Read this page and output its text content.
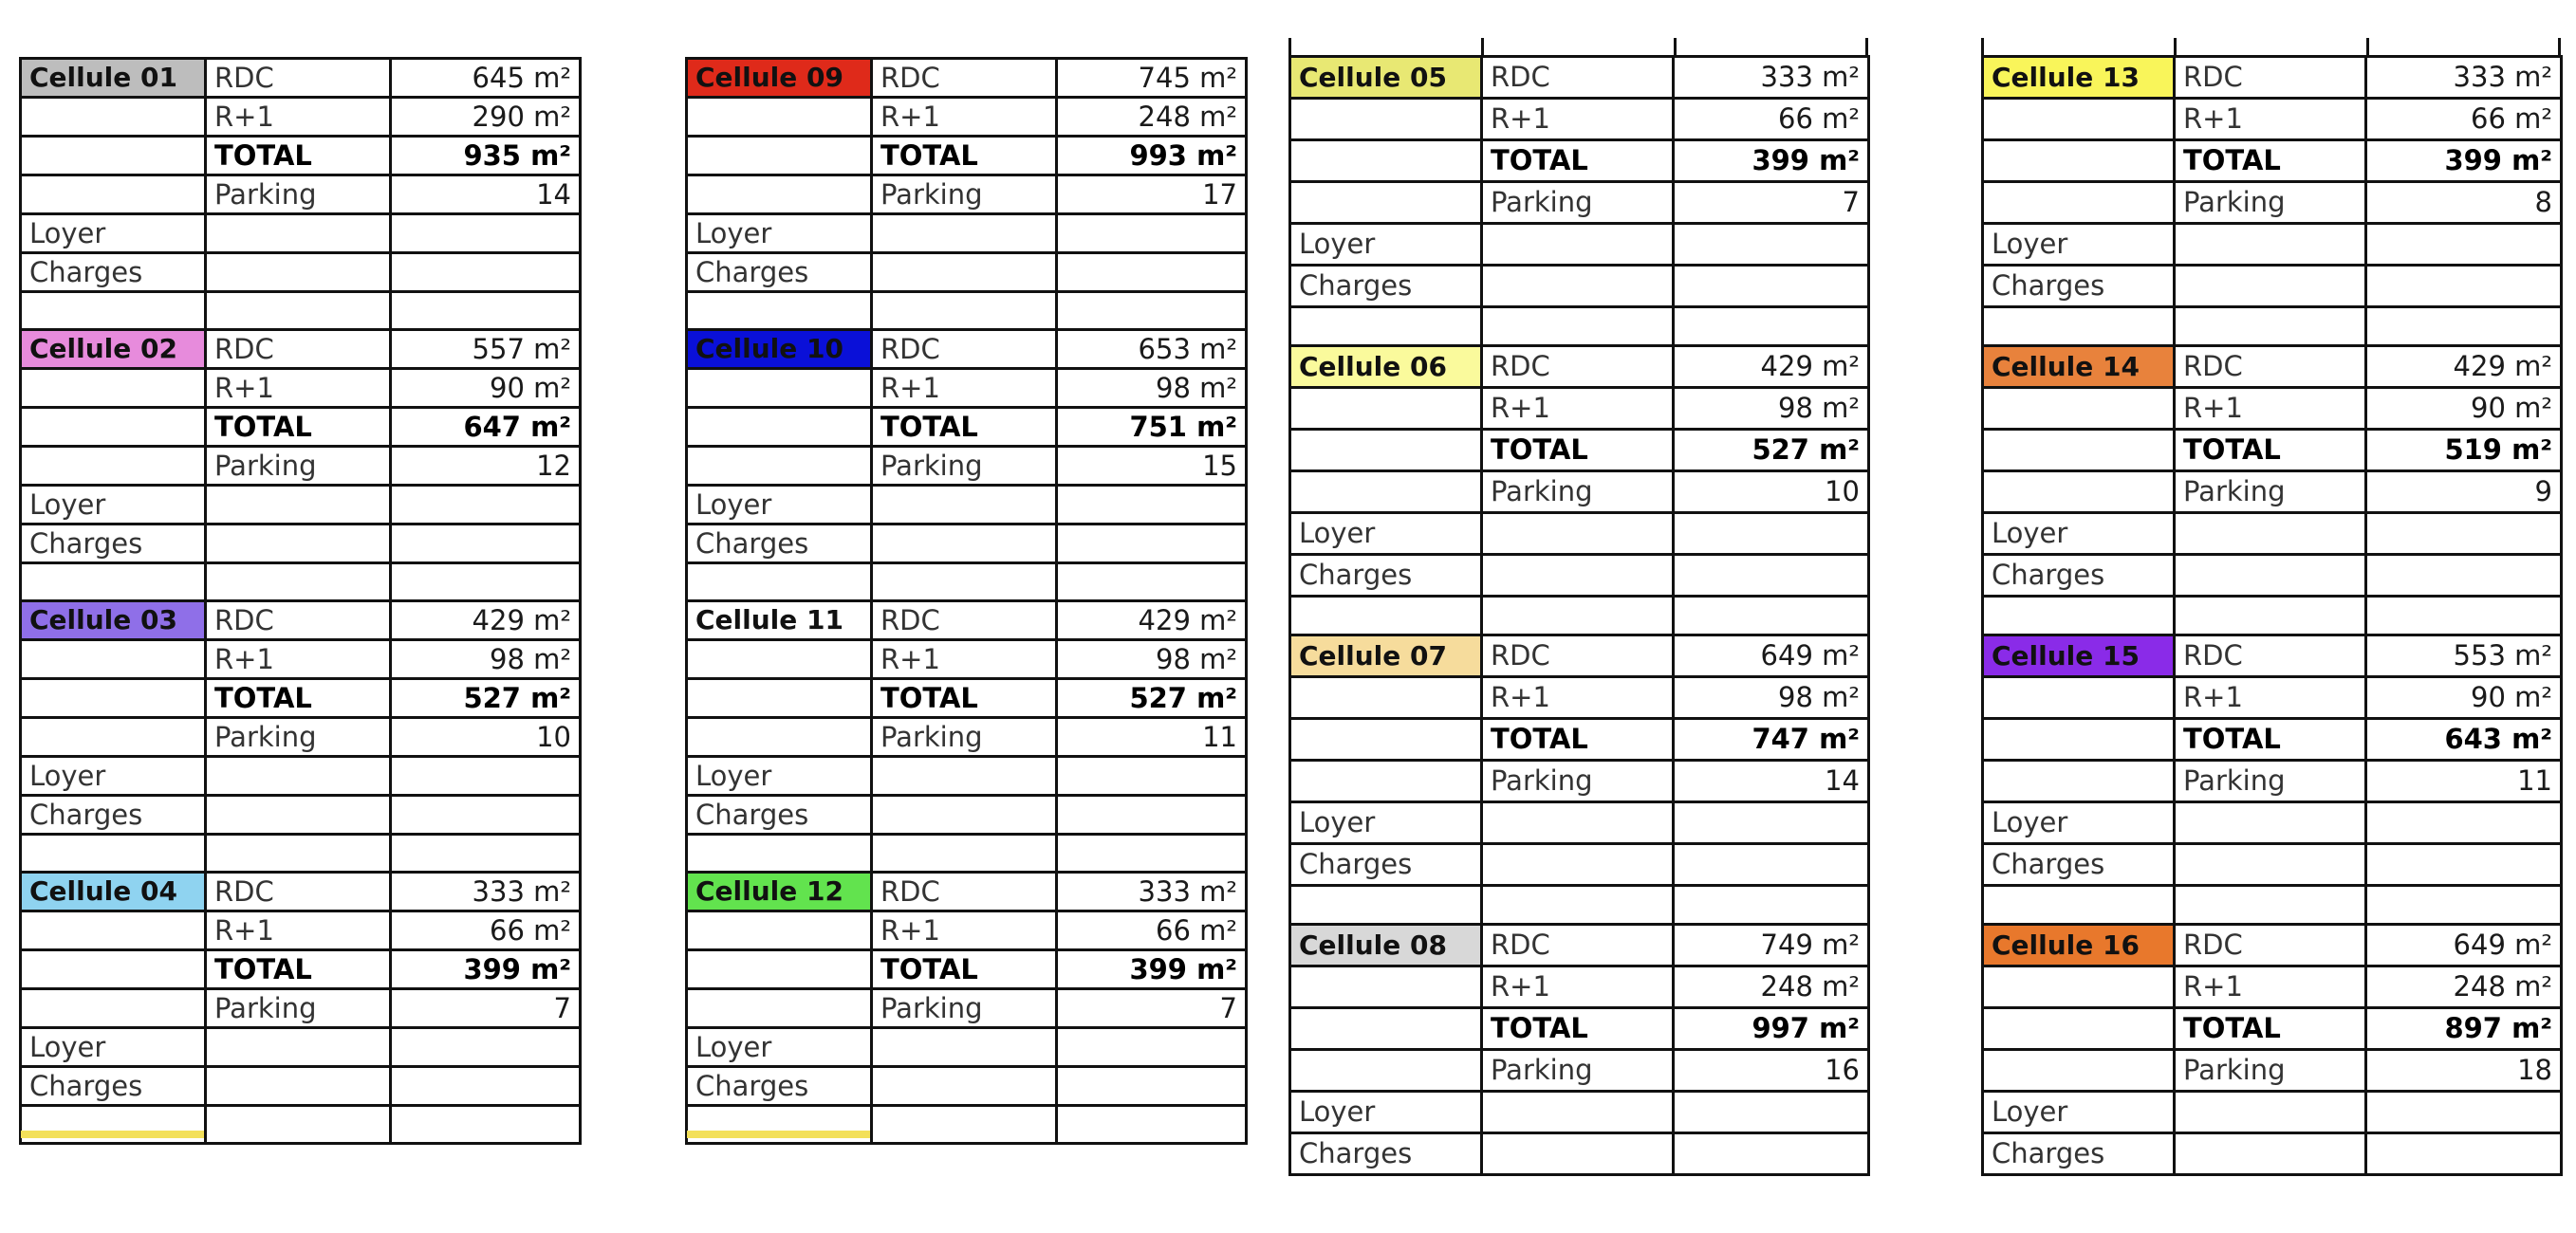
Cellule 01	RDC	645 m²
	R+1	290 m²
	TOTAL	935 m²
	Parking	14
Loyer		
Charges		

Cellule 02	RDC	557 m²
	R+1	90 m²
	TOTAL	647 m²
	Parking	12
Loyer		
Charges		

Cellule 03	RDC	429 m²
	R+1	98 m²
	TOTAL	527 m²
	Parking	10
Loyer		
Charges		

Cellule 04	RDC	333 m²
	R+1	66 m²
	TOTAL	399 m²
	Parking	7
Loyer		
Charges		

Cellule 09	RDC	745 m²
	R+1	248 m²
	TOTAL	993 m²
	Parking	17
Loyer		
Charges		

Cellule 10	RDC	653 m²
	R+1	98 m²
	TOTAL	751 m²
	Parking	15
Loyer		
Charges		

Cellule 11	RDC	429 m²
	R+1	98 m²
	TOTAL	527 m²
	Parking	11
Loyer		
Charges		

Cellule 12	RDC	333 m²
	R+1	66 m²
	TOTAL	399 m²
	Parking	7
Loyer		
Charges		

Cellule 05	RDC	333 m²
	R+1	66 m²
	TOTAL	399 m²
	Parking	7
Loyer		
Charges		

Cellule 06	RDC	429 m²
	R+1	98 m²
	TOTAL	527 m²
	Parking	10
Loyer		
Charges		

Cellule 07	RDC	649 m²
	R+1	98 m²
	TOTAL	747 m²
	Parking	14
Loyer		
Charges		

Cellule 08	RDC	749 m²
	R+1	248 m²
	TOTAL	997 m²
	Parking	16
Loyer		
Charges		
Cellule 13	RDC	333 m²
	R+1	66 m²
	TOTAL	399 m²
	Parking	8
Loyer		
Charges		

Cellule 14	RDC	429 m²
	R+1	90 m²
	TOTAL	519 m²
	Parking	9
Loyer		
Charges		

Cellule 15	RDC	553 m²
	R+1	90 m²
	TOTAL	643 m²
	Parking	11
Loyer		
Charges		

Cellule 16	RDC	649 m²
	R+1	248 m²
	TOTAL	897 m²
	Parking	18
Loyer		
Charges		
